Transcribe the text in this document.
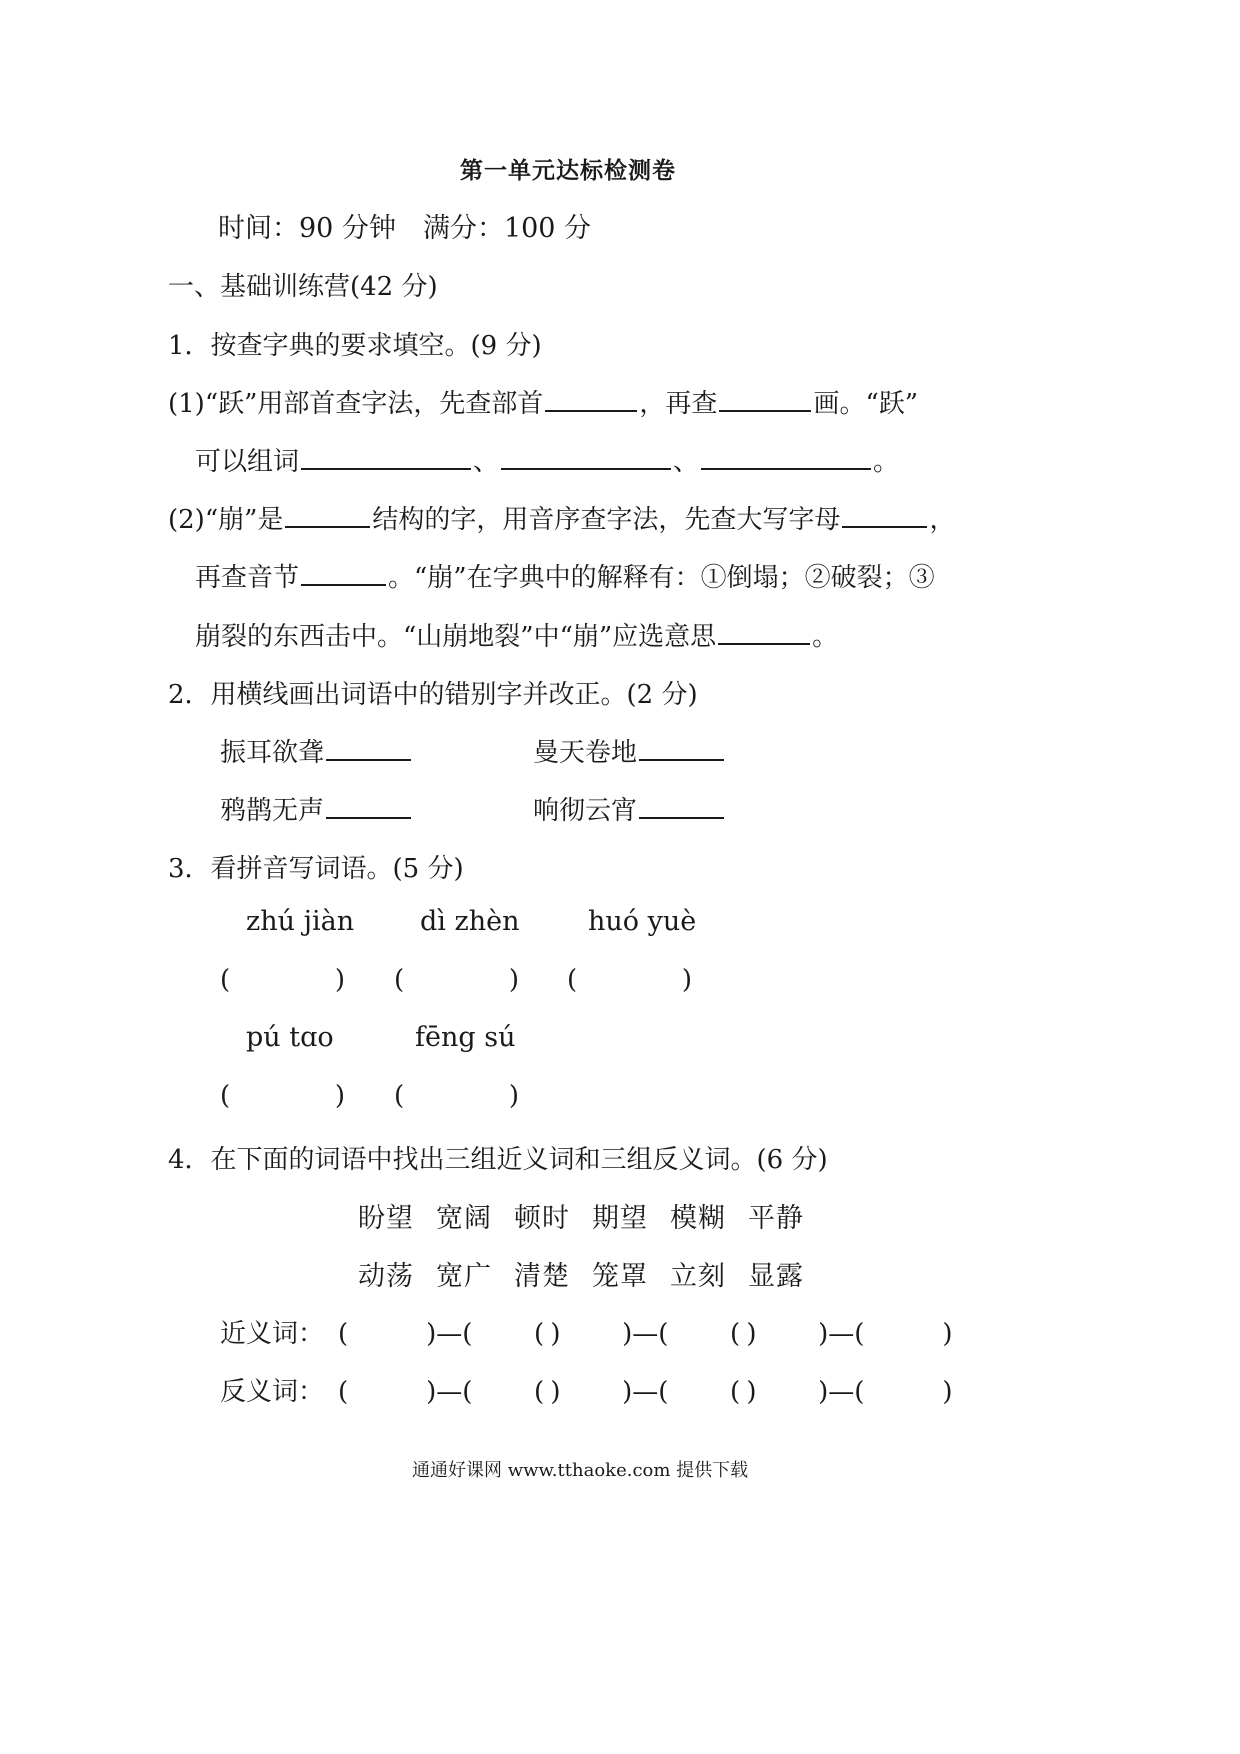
第一单元达标检测卷
时间：90 分钟　满分：100 分
一、基础训练营(42 分)
1．按查字典的要求填空。(9 分)
(1)“跃”用部首查字法，先查部首	，再查	画。“跃”
可以组词	、	、	。
(2)“崩”是	结构的字，用音序查字法，先查大写字母	，
再查音节	。“崩”在字典中的解释有：①倒塌；②破裂；③
崩裂的东西击中。“山崩地裂”中“崩”应选意思	。
2．用横线画出词语中的错别字并改正。(2 分)
振耳欲聋	曼天卷地
鸦鹊无声	响彻云宵
3．看拼音写词语。(5 分)
zhú jiàn dì zhèn	huó yuè
(	) (	) (	)
pú tɑo	fēng sú
(	) (	)
4．在下面的词语中找出三组近义词和三组反义词。(6 分)
盼望 宽阔 顿时 期望 模糊 平静
动荡 宽广 清楚 笼罩 立刻 显露
近义词： (　　　)—(　　　)(　　　)—(　　　)(　　　)—(　　　)
反义词： (　　　)—(　　　)(　　　)—(　　　)(　　　)—(　　　)
通通好课网 www.tthaoke.com 提供下载
